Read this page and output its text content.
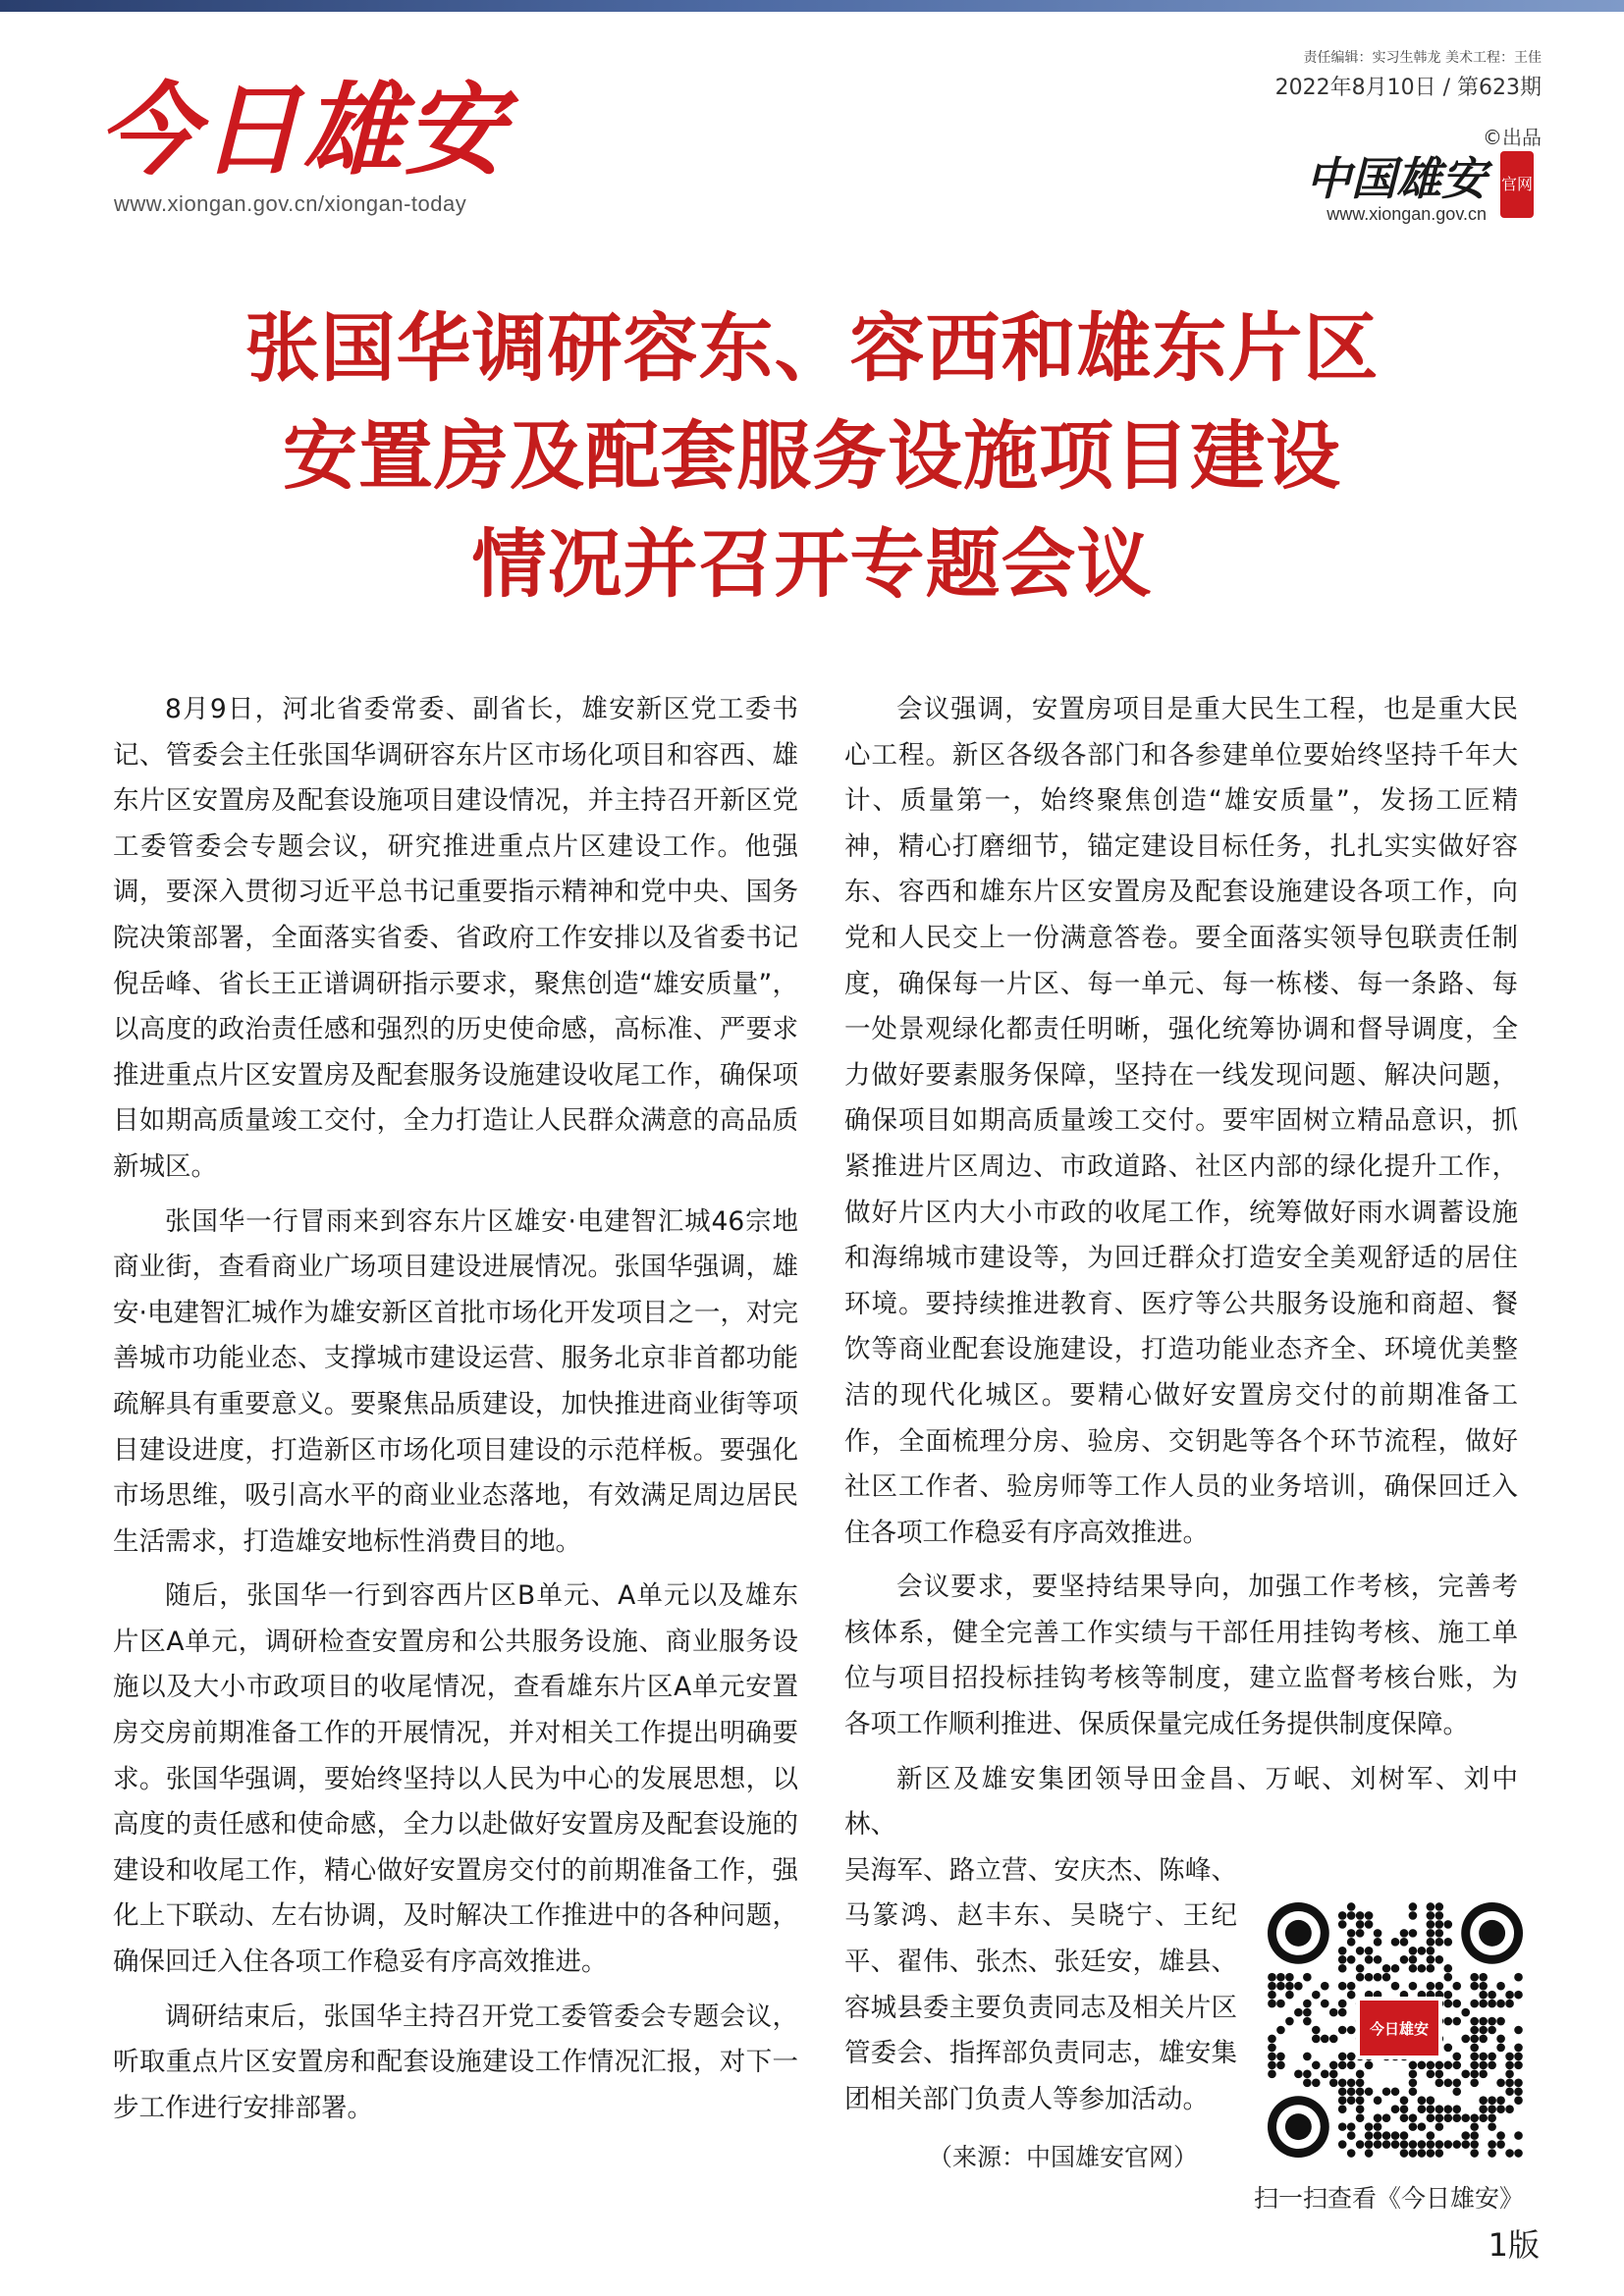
今日雄安
www.xiongan.gov.cn/xiongan-today
责任编辑：实习生韩龙 美术工程：王佳
2022年8月10日 / 第623期
©出品
中国雄安 官网
www.xiongan.gov.cn
张国华调研容东、容西和雄东片区
安置房及配套服务设施项目建设
情况并召开专题会议

8月9日，河北省委常委、副省长，雄安新区党工委书记、管委会主任张国华调研容东片区市场化项目和容西、雄东片区安置房及配套设施项目建设情况，并主持召开新区党工委管委会专题会议，研究推进重点片区建设工作。他强调，要深入贯彻习近平总书记重要指示精神和党中央、国务院决策部署，全面落实省委、省政府工作安排以及省委书记倪岳峰、省长王正谱调研指示要求，聚焦创造“雄安质量”，以高度的政治责任感和强烈的历史使命感，高标准、严要求推进重点片区安置房及配套服务设施建设收尾工作，确保项目如期高质量竣工交付，全力打造让人民群众满意的高品质新城区。

张国华一行冒雨来到容东片区雄安·电建智汇城46宗地商业街，查看商业广场项目建设进展情况。张国华强调，雄安·电建智汇城作为雄安新区首批市场化开发项目之一，对完善城市功能业态、支撑城市建设运营、服务北京非首都功能疏解具有重要意义。要聚焦品质建设，加快推进商业街等项目建设进度，打造新区市场化项目建设的示范样板。要强化市场思维，吸引高水平的商业业态落地，有效满足周边居民生活需求，打造雄安地标性消费目的地。

随后，张国华一行到容西片区B单元、A单元以及雄东片区A单元，调研检查安置房和公共服务设施、商业服务设施以及大小市政项目的收尾情况，查看雄东片区A单元安置房交房前期准备工作的开展情况，并对相关工作提出明确要求。张国华强调，要始终坚持以人民为中心的发展思想，以高度的责任感和使命感，全力以赴做好安置房及配套设施的建设和收尾工作，精心做好安置房交付的前期准备工作，强化上下联动、左右协调，及时解决工作推进中的各种问题，确保回迁入住各项工作稳妥有序高效推进。

调研结束后，张国华主持召开党工委管委会专题会议，听取重点片区安置房和配套设施建设工作情况汇报，对下一步工作进行安排部署。

会议强调，安置房项目是重大民生工程，也是重大民心工程。新区各级各部门和各参建单位要始终坚持千年大计、质量第一，始终聚焦创造“雄安质量”，发扬工匠精神，精心打磨细节，锚定建设目标任务，扎扎实实做好容东、容西和雄东片区安置房及配套设施建设各项工作，向党和人民交上一份满意答卷。要全面落实领导包联责任制度，确保每一片区、每一单元、每一栋楼、每一条路、每一处景观绿化都责任明晰，强化统筹协调和督导调度，全力做好要素服务保障，坚持在一线发现问题、解决问题，确保项目如期高质量竣工交付。要牢固树立精品意识，抓紧推进片区周边、市政道路、社区内部的绿化提升工作，做好片区内大小市政的收尾工作，统筹做好雨水调蓄设施和海绵城市建设等，为回迁群众打造安全美观舒适的居住环境。要持续推进教育、医疗等公共服务设施和商超、餐饮等商业配套设施建设，打造功能业态齐全、环境优美整洁的现代化城区。要精心做好安置房交付的前期准备工作，全面梳理分房、验房、交钥匙等各个环节流程，做好社区工作者、验房师等工作人员的业务培训，确保回迁入住各项工作稳妥有序高效推进。

会议要求，要坚持结果导向，加强工作考核，完善考核体系，健全完善工作实绩与干部任用挂钩考核、施工单位与项目招投标挂钩考核等制度，建立监督考核台账，为各项工作顺利推进、保质保量完成任务提供制度保障。

新区及雄安集团领导田金昌、万岷、刘树军、刘中林、

吴海军、路立营、安庆杰、陈峰、马篆鸿、赵丰东、吴晓宁、王纪平、翟伟、张杰、张廷安，雄县、容城县委主要负责同志及相关片区管委会、指挥部负责同志，雄安集团相关部门负责人等参加活动。

（来源：中国雄安官网）
今日雄安
扫一扫查看《今日雄安》
1版
